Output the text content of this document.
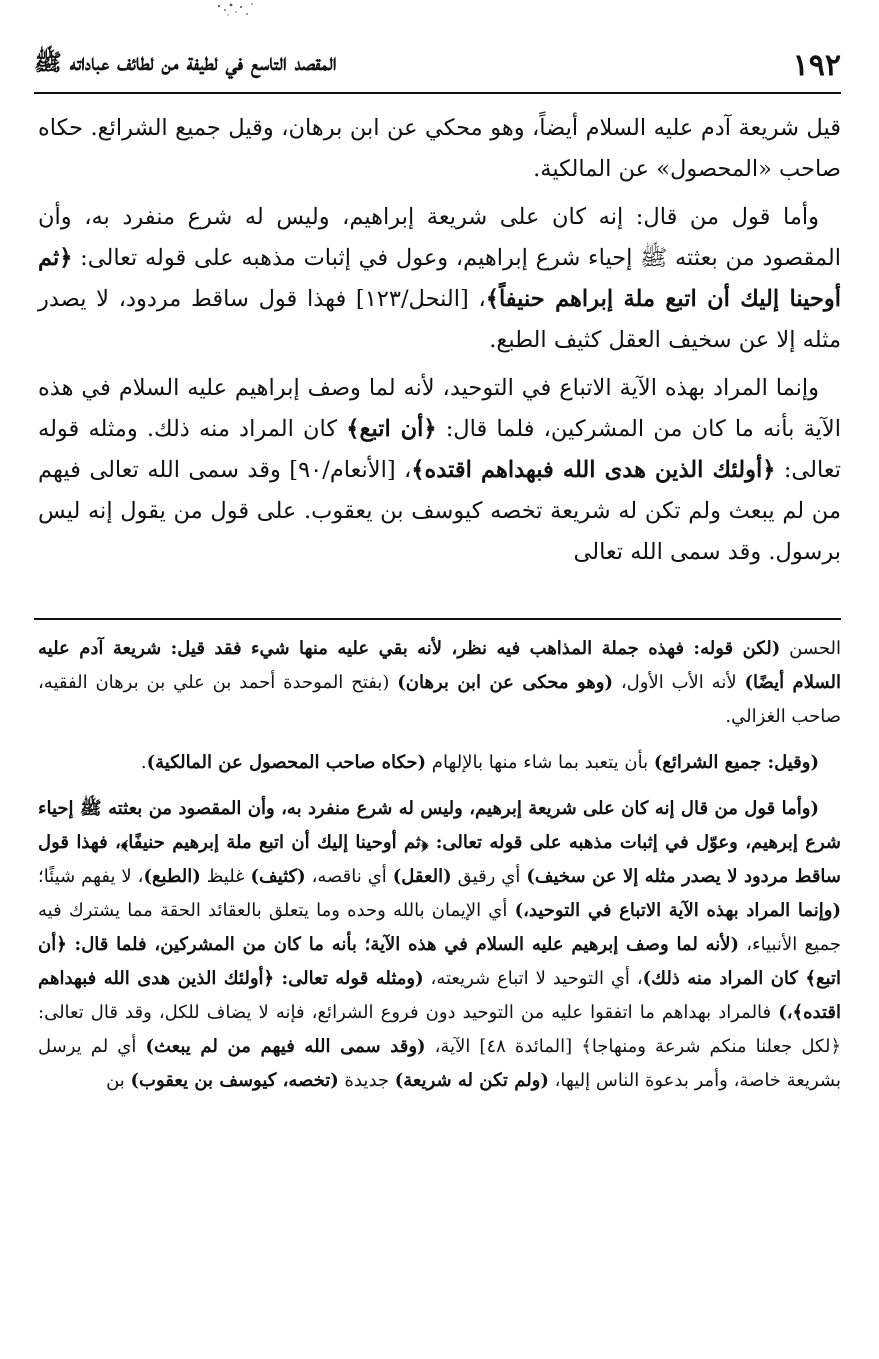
١٩٢
المقصد التاسع في لطيفة من لطائف عباداته ﷺ

قيل شريعة آدم عليه السلام أيضاً، وهو محكي عن ابن برهان، وقيل جميع الشرائع. حكاه صاحب «المحصول» عن المالكية.

وأما قول من قال: إنه كان على شريعة إبراهيم، وليس له شرع منفرد به، وأن المقصود من بعثته ﷺ إحياء شرع إبراهيم، وعول في إثبات مذهبه على قوله تعالى: ﴿ثم أوحينا إليك أن اتبع ملة إبراهم حنيفاً﴾، [النحل/١٢٣] فهذا قول ساقط مردود، لا يصدر مثله إلا عن سخيف العقل كثيف الطبع.

وإنما المراد بهذه الآية الاتباع في التوحيد، لأنه لما وصف إبراهيم عليه السلام في هذه الآية بأنه ما كان من المشركين، فلما قال: ﴿أن اتبع﴾ كان المراد منه ذلك. ومثله قوله تعالى: ﴿أولئك الذين هدى الله فبهداهم اقتده﴾، [الأنعام/٩٠] وقد سمى الله تعالى فيهم من لم يبعث ولم تكن له شريعة تخصه كيوسف بن يعقوب. على قول من يقول إنه ليس برسول. وقد سمى الله تعالى

الحسن (لكن قوله: فهذه جملة المذاهب فيه نظر، لأنه بقي عليه منها شيء فقد قيل: شريعة آدم عليه السلام أيضًا) لأنه الأب الأول، (وهو محكى عن ابن برهان) (بفتح الموحدة أحمد بن علي بن برهان الفقيه، صاحب الغزالي.

(وقيل: جميع الشرائع) بأن يتعبد بما شاء منها بالإلهام (حكاه صاحب المحصول عن المالكية).

(وأما قول من قال إنه كان على شريعة إبرهيم، وليس له شرع منفرد به، وأن المقصود من بعثته ﷺ إحياء شرع إبرهيم، وعوّل في إثبات مذهبه على قوله تعالى: ﴿ثم أوحينا إليك أن اتبع ملة إبرهيم حنيفًا﴾، فهذا قول ساقط مردود لا يصدر مثله إلا عن سخيف) أي رقيق (العقل) أي ناقصه، (كثيف) غليظ (الطبع)، لا يفهم شيئًا؛ (وإنما المراد بهذه الآية الاتباع في التوحيد،) أي الإيمان بالله وحده وما يتعلق بالعقائد الحقة مما يشترك فيه جميع الأنبياء، (لأنه لما وصف إبرهيم عليه السلام في هذه الآية؛ بأنه ما كان من المشركين، فلما قال: ﴿أن اتبع﴾ كان المراد منه ذلك)، أي التوحيد لا اتباع شريعته، (ومثله قوله تعالى: ﴿أولئك الذين هدى الله فبهداهم اقتده﴾،) فالمراد بهداهم ما اتفقوا عليه من التوحيد دون فروع الشرائع، فإنه لا يضاف للكل، وقد قال تعالى: ﴿لكل جعلنا منكم شرعة ومنهاجا﴾ [المائدة ٤٨] الآية، (وقد سمى الله فيهم من لم يبعث) أي لم يرسل بشريعة خاصة، وأمر بدعوة الناس إليها، (ولم تكن له شريعة) جديدة (تخصه، كيوسف بن يعقوب) بن
